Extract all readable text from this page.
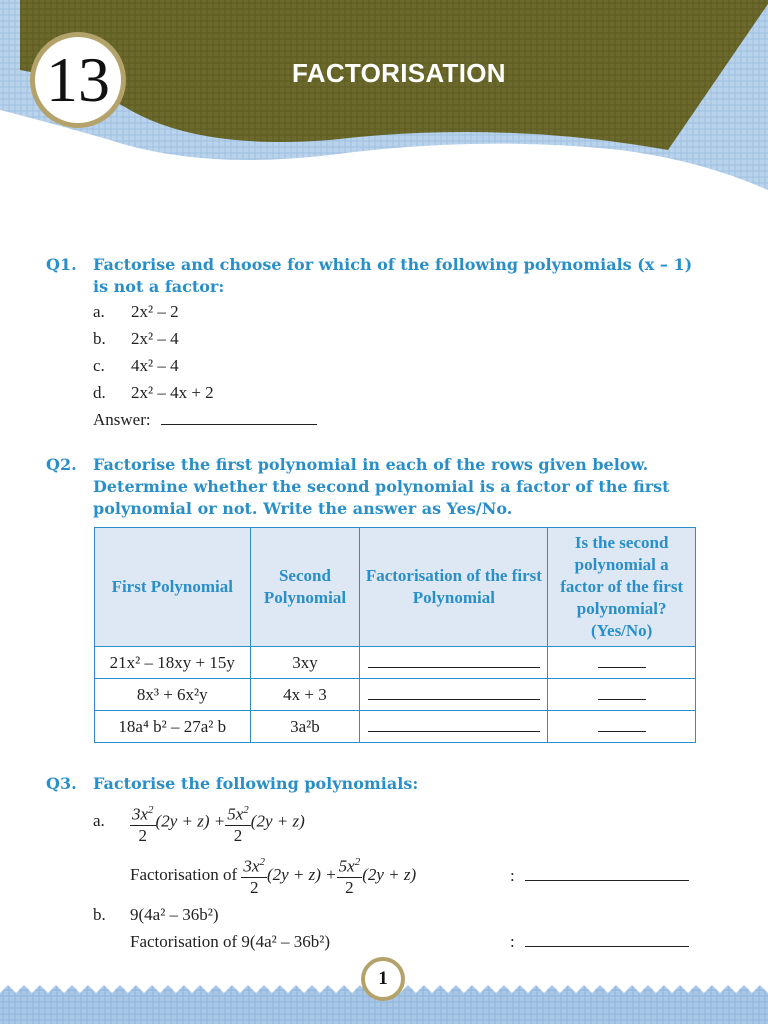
13	FACTORISATION
Q1. Factorise and choose for which of the following polynomials (x – 1) is not a factor:
a. 2x² – 2
b. 2x² – 4
c. 4x² – 4
d. 2x² – 4x + 2
Answer:
Q2. Factorise the first polynomial in each of the rows given below. Determine whether the second polynomial is a factor of the first polynomial or not. Write the answer as Yes/No.
First Polynomial	Second Polynomial	Factorisation of the first Polynomial	Is the second polynomial a factor of the first polynomial? (Yes/No)
21x² – 18xy + 15y	3xy		
8x³ + 6x²y	4x + 3		
18a⁴ b² – 27a² b	3a²b		
Q3. Factorise the following polynomials:
a. $\frac{3x^2}{2} (2y + z) + \frac{5x^2}{2} (2y + z)$
Factorisation of $\frac{3x^2}{2} (2y + z) + \frac{5x^2}{2} (2y + z)$	:
b. 9(4a² – 36b²)
Factorisation of 9(4a² – 36b²)	:
1
